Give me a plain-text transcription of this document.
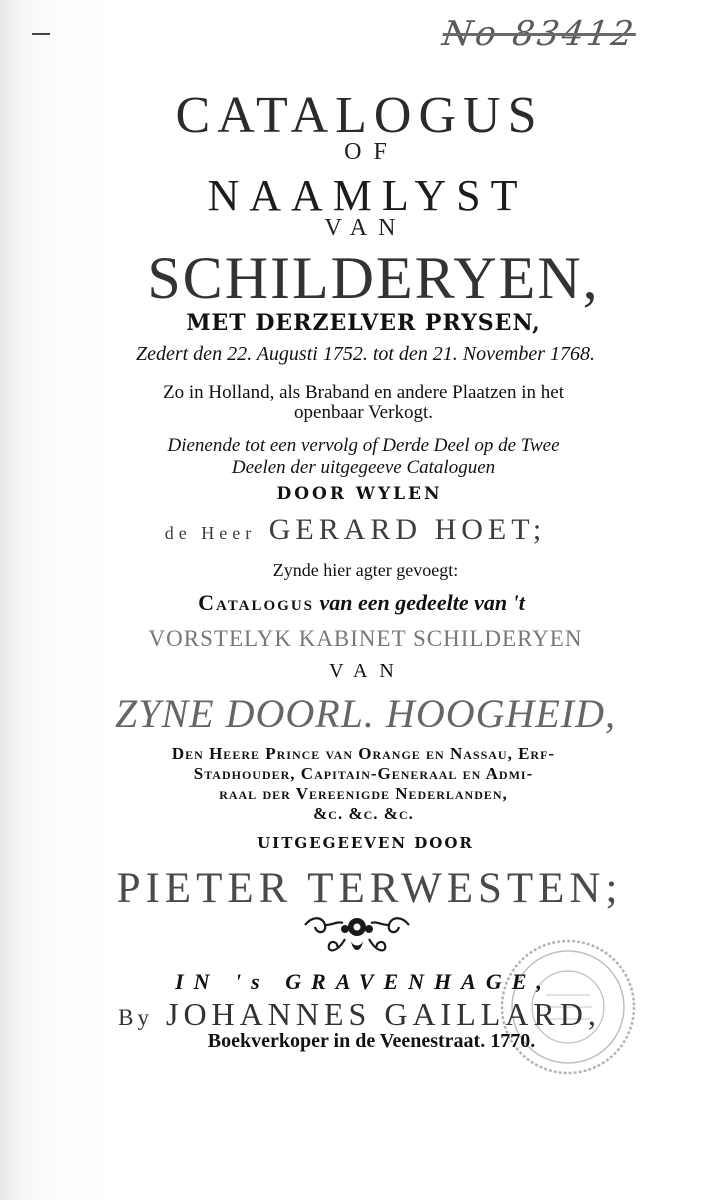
No 83412
CATALOGUS
OF
NAAMLYST
VAN
SCHILDERYEN,
MET DERZELVER PRYSEN,
Zedert den 22. Augusti 1752. tot den 21. November 1768.
Zo in Holland, als Braband en andere Plaatzen in het
openbaar Verkogt.
Dienende tot een vervolg of Derde Deel op de Twee
Deelen der uitgegeeve Cataloguen
DOOR WYLEN
de Heer GERARD HOET;
Zynde hier agter gevoegt:
Catalogus van een gedeelte van 't
VORSTELYK KABINET SCHILDERYEN
VAN
ZYNE DOORL. HOOGHEID,
Den Heere Prince van Orange en Nassau, Erf-
Stadhouder, Capitain-Generaal en Admi-
raal der Vereenigde Nederlanden,
&c. &c. &c.
UITGEGEEVEN DOOR
PIETER TERWESTEN;
IN 's GRAVENHAGE,
By JOHANNES GAILLARD,
Boekverkoper in de Veenestraat. 1770.
